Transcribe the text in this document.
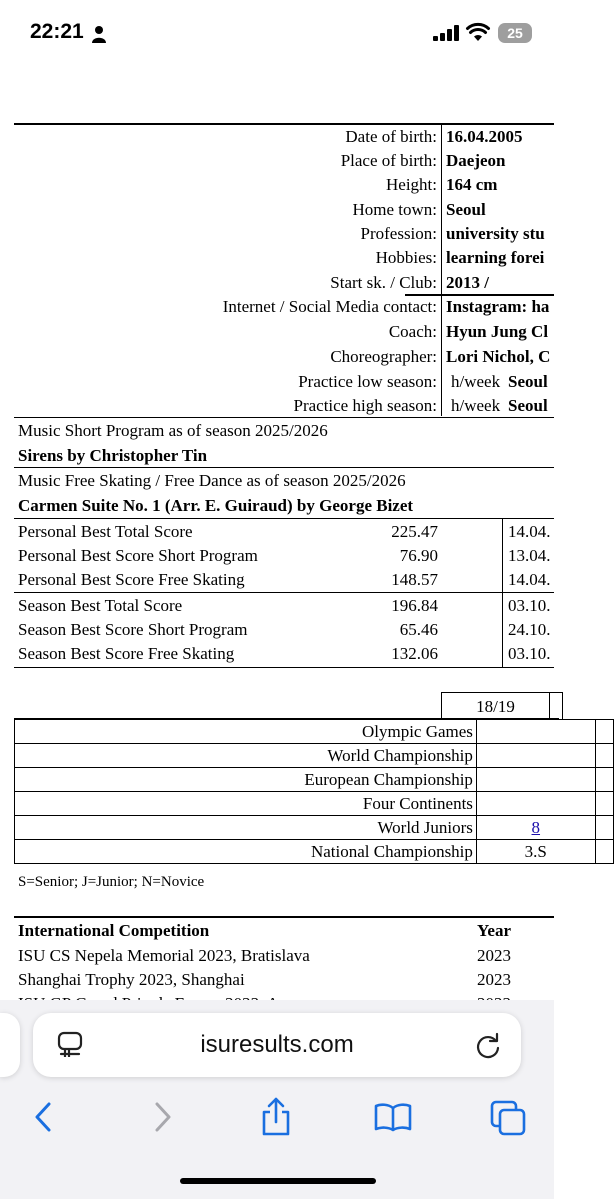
22:21	25
Date of birth: 16.04.2005
Place of birth: Daejeon
Height: 164 cm
Home town: Seoul
Profession: university stu
Hobbies: learning forei
Start sk. / Club: 2013 /
Internet / Social Media contact: Instagram: ha
Coach: Hyun Jung Cl
Choreographer: Lori Nichol, C
Practice low season: h/week Seoul
Practice high season: h/week Seoul
Music Short Program as of season 2025/2026
Sirens by Christopher Tin
Music Free Skating / Free Dance as of season 2025/2026
Carmen Suite No. 1 (Arr. E. Guiraud) by George Bizet
Personal Best Total Score	225.47	14.04.
Personal Best Score Short Program	76.90	13.04.
Personal Best Score Free Skating	148.57	14.04.
Season Best Total Score	196.84	03.10.
Season Best Score Short Program	65.46	24.10.
Season Best Score Free Skating	132.06	03.10.
18/19
Olympic Games		
World Championship		
European Championship		
Four Continents		
World Juniors	8	
National Championship	3.S	
S=Senior; J=Junior; N=Novice
International Competition	Year
ISU CS Nepela Memorial 2023, Bratislava	2023
Shanghai Trophy 2023, Shanghai	2023
isuresults.com
